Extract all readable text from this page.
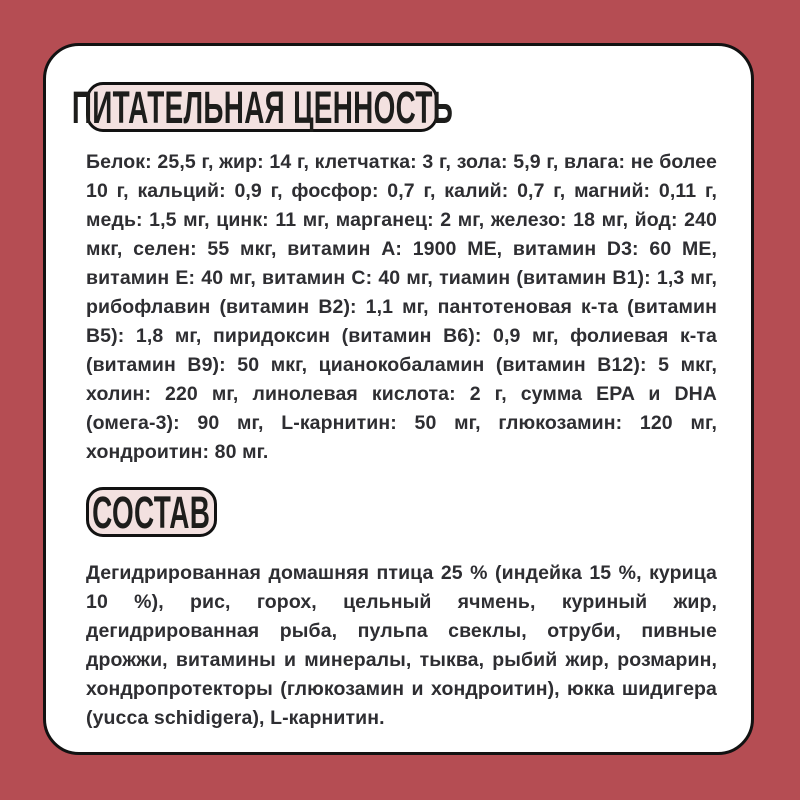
ПИТАТЕЛЬНАЯ ЦЕННОСТЬ

Белок: 25,5 г, жир: 14 г, клетчатка: 3 г, зола: 5,9 г, влага: не более 10 г, кальций: 0,9 г, фосфор: 0,7 г, калий: 0,7 г, магний: 0,11 г, медь: 1,5 мг, цинк: 11 мг, марганец: 2 мг, железо: 18 мг, йод: 240 мкг, селен: 55 мкг, витамин А: 1900 МЕ, витамин D3: 60 МЕ, витамин Е: 40 мг, витамин С: 40 мг, тиамин (витамин В1): 1,3 мг, рибофлавин (витамин В2): 1,1 мг, пантотеновая к-та (витамин В5): 1,8 мг, пиридоксин (витамин В6): 0,9 мг, фолиевая к-та (витамин В9): 50 мкг, цианокобаламин (витамин В12): 5 мкг, холин: 220 мг, линолевая кислота: 2 г, сумма EPA и DHA (омега-3): 90 мг, L-карнитин: 50 мг, глюкозамин: 120 мг, хондроитин: 80 мг.

СОСТАВ

Дегидрированная домашняя птица 25 % (индейка 15 %, курица 10 %), рис, горох, цельный ячмень, куриный жир, дегидрированная рыба, пульпа свеклы, отруби, пивные дрожжи, витамины и минералы, тыква, рыбий жир, розмарин, хондропротекторы (глюкозамин и хондроитин), юкка шидигера (yucca schidigera), L-карнитин.
